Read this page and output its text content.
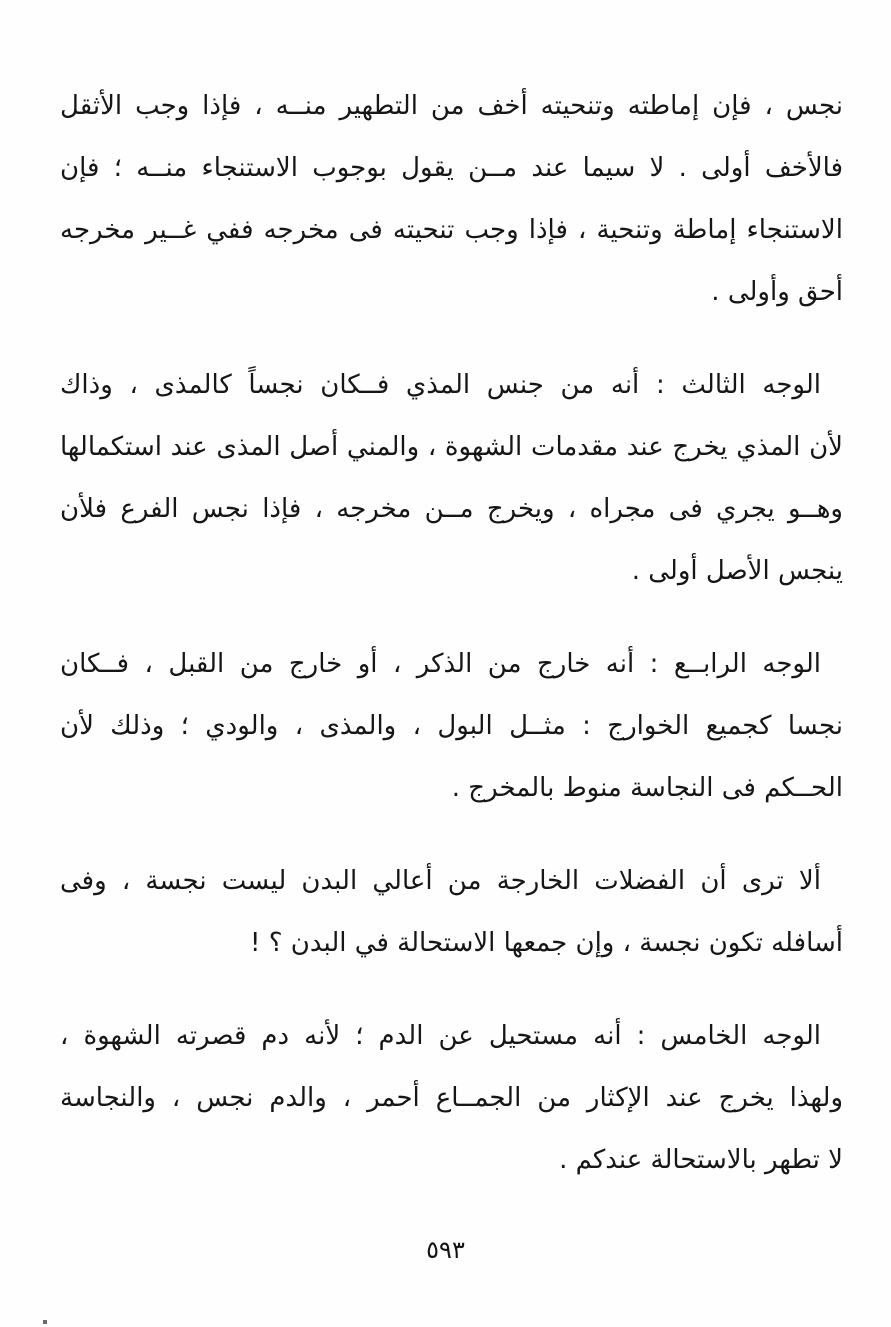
نجس ، فإن إماطته وتنحيته أخف من التطهير منــه ، فإذا وجب الأثقل
فالأخف أولى . لا سيما عند مــن يقول بوجوب الاستنجاء منــه ؛ فإن
الاستنجاء إماطة وتنحية ، فإذا وجب تنحيته فى مخرجه ففي غــير مخرجه
أحق وأولى .
الوجه الثالث : أنه من جنس المذي فــكان نجساً كالمذى ، وذاك
لأن المذي يخرج عند مقدمات الشهوة ، والمني أصل المذى عند استكمالها
وهــو يجري فى مجراه ، ويخرج مــن مخرجه ، فإذا نجس الفرع فلأن
ينجس الأصل أولى .
الوجه الرابــع : أنه خارج من الذكر ، أو خارج من القبل ، فــكان
نجسا كجميع الخوارج : مثــل البول ، والمذى ، والودي ؛ وذلك لأن
الحــكم فى النجاسة منوط بالمخرج .
ألا ترى أن الفضلات الخارجة من أعالي البدن ليست نجسة ، وفى
أسافله تكون نجسة ، وإن جمعها الاستحالة في البدن ؟ !
الوجه الخامس : أنه مستحيل عن الدم ؛ لأنه دم قصرته الشهوة ،
ولهذا يخرج عند الإكثار من الجمــاع أحمر ، والدم نجس ، والنجاسة
لا تطهر بالاستحالة عندكم .
٥٩٣
